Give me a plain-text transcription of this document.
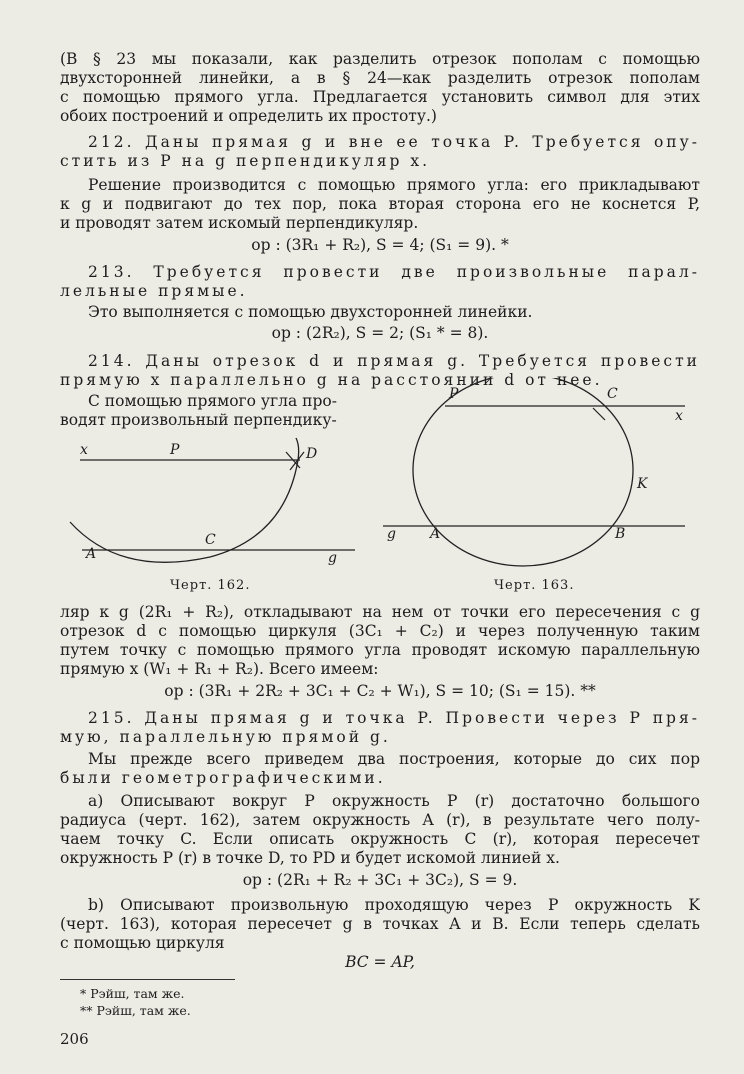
(В § 23 мы показали, как разделить отрезок пополам с помощью
двухсторонней линейки, а в § 24—как разделить отрезок пополам
с помощью прямого угла. Предлагается установить символ для этих
обоих построений и определить их простоту.)
212. Даны прямая g и вне ее точка P. Требуется опу-
стить из P на g перпендикуляр x.
Решение производится с помощью прямого угла: его прикладывают
к g и подвигают до тех пор, пока вторая сторона его не коснется P,
и проводят затем искомый перпендикуляр.
ор : (3R₁ + R₂), S = 4; (S₁ = 9). *
213. Требуется провести две произвольные парал-
лельные прямые.
Это выполняется с помощью двухсторонней линейки.
ор : (2R₂), S = 2; (S₁ * = 8).
214. Даны отрезок d и прямая g. Требуется провести
прямую x параллельно g на расстоянии d от нее.
С помощью прямого угла про-
водят произвольный перпендику-
x	P	D
C
A	g
Черт. 162.
P	C
x
K
g A	B
Черт. 163.
ляр к g (2R₁ + R₂), откладывают на нем от точки его пересечения с g
отрезок d с помощью циркуля (3C₁ + C₂) и через полученную таким
путем точку с помощью прямого угла проводят искомую параллельную
прямую x (W₁ + R₁ + R₂). Всего имеем:
ор : (3R₁ + 2R₂ + 3C₁ + C₂ + W₁), S = 10; (S₁ = 15). **
215. Даны прямая g и точка P. Провести через P пря-
мую, параллельную прямой g.
Мы прежде всего приведем два построения, которые до сих пор
были геометрографическими.
а) Описывают вокруг P окружность P (r) достаточно большого
радиуса (черт. 162), затем окружность A (r), в результате чего полу-
чаем точку C. Если описать окружность C (r), которая пересечет
окружность P (r) в точке D, то PD и будет искомой линией x.
ор : (2R₁ + R₂ + 3C₁ + 3C₂), S = 9.
b) Описывают произвольную проходящую через P окружность K
(черт. 163), которая пересечет g в точках A и B. Если теперь сделать
с помощью циркуля
BC = AP,
* Рэйш, там же.
** Рэйш, там же.
206
